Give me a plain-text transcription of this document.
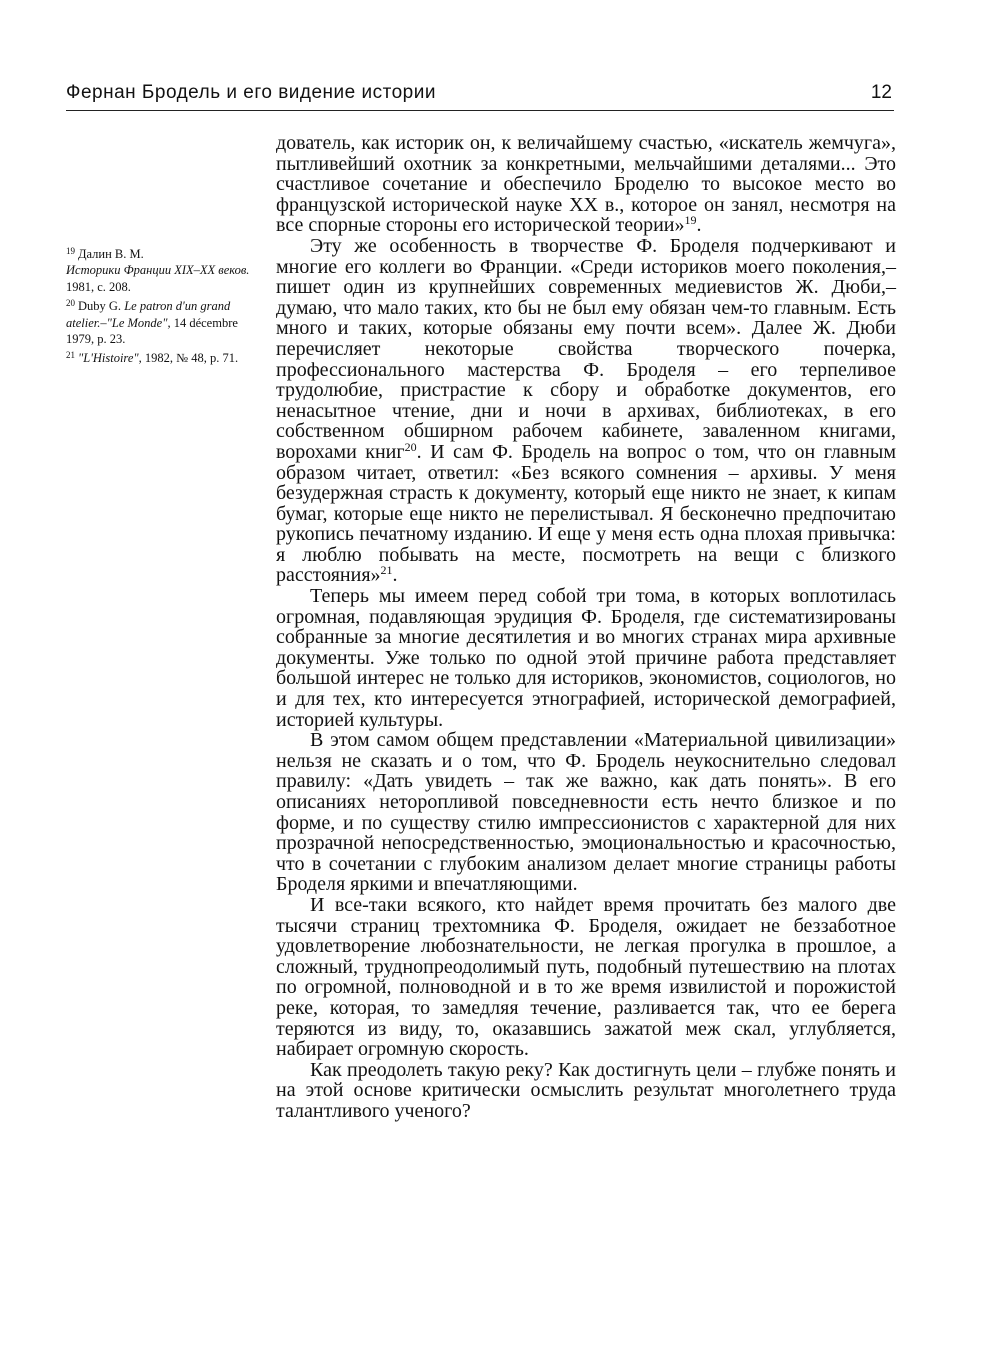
Фернан Бродель и его видение истории	12

$^{19}$ Далин В. М.
Историки Франции XIX–XX веков. 1981, с. 208.

$^{20}$ Duby G. Le patron d'un grand atelier.–"Le Monde", 14 décembre 1979, p. 23.

$^{21}$ "L'Histoire", 1982, № 48, p. 71.

дователь, как историк он, к величайшему счастью, «искатель жемчуга», пытливейший охотник за конкретными, мельчайшими деталями... Это счастливое сочетание и обеспечило Броделю то высокое место во французской исторической науке XX в., которое он занял, несмотря на все спорные стороны его исторической теории»$^{19}$.

Эту же особенность в творчестве Ф. Броделя подчеркивают и многие его коллеги во Франции. «Среди историков моего поколения,– пишет один из крупнейших современных медиевистов Ж. Дюби,– думаю, что мало таких, кто бы не был ему обязан чем-то главным. Есть много и таких, которые обязаны ему почти всем». Далее Ж. Дюби перечисляет некоторые свойства творческого почерка, профессионального мастерства Ф. Броделя – его терпеливое трудолюбие, пристрастие к сбору и обработке документов, его ненасытное чтение, дни и ночи в архивах, библиотеках, в его собственном обширном рабочем кабинете, заваленном книгами, ворохами книг$^{20}$. И сам Ф. Бродель на вопрос о том, что он главным образом читает, ответил: «Без всякого сомнения – архивы. У меня безудержная страсть к документу, который еще никто не знает, к кипам бумаг, которые еще никто не перелистывал. Я бесконечно предпочитаю рукопись печатному изданию. И еще у меня есть одна плохая привычка: я люблю побывать на месте, посмотреть на вещи с близкого расстояния»$^{21}$.

Теперь мы имеем перед собой три тома, в которых воплотилась огромная, подавляющая эрудиция Ф. Броделя, где систематизированы собранные за многие десятилетия и во многих странах мира архивные документы. Уже только по одной этой причине работа представляет большой интерес не только для историков, экономистов, социологов, но и для тех, кто интересуется этнографией, исторической демографией, историей культуры.

В этом самом общем представлении «Материальной цивилизации» нельзя не сказать и о том, что Ф. Бродель неукоснительно следовал правилу: «Дать увидеть – так же важно, как дать понять». В его описаниях неторопливой повседневности есть нечто близкое и по форме, и по существу стилю импрессионистов с характерной для них прозрачной непосредственностью, эмоциональностью и красочностью, что в сочетании с глубоким анализом делает многие страницы работы Броделя яркими и впечатляющими.

И все-таки всякого, кто найдет время прочитать без малого две тысячи страниц трехтомника Ф. Броделя, ожидает не беззаботное удовлетворение любознательности, не легкая прогулка в прошлое, а сложный, труднопреодолимый путь, подобный путешествию на плотах по огромной, полноводной и в то же время извилистой и порожистой реке, которая, то замедляя течение, разливается так, что ее берега теряются из виду, то, оказавшись зажатой меж скал, углубляется, набирает огромную скорость.

Как преодолеть такую реку? Как достигнуть цели – глубже понять и на этой основе критически осмыслить результат многолетнего труда талантливого ученого?
